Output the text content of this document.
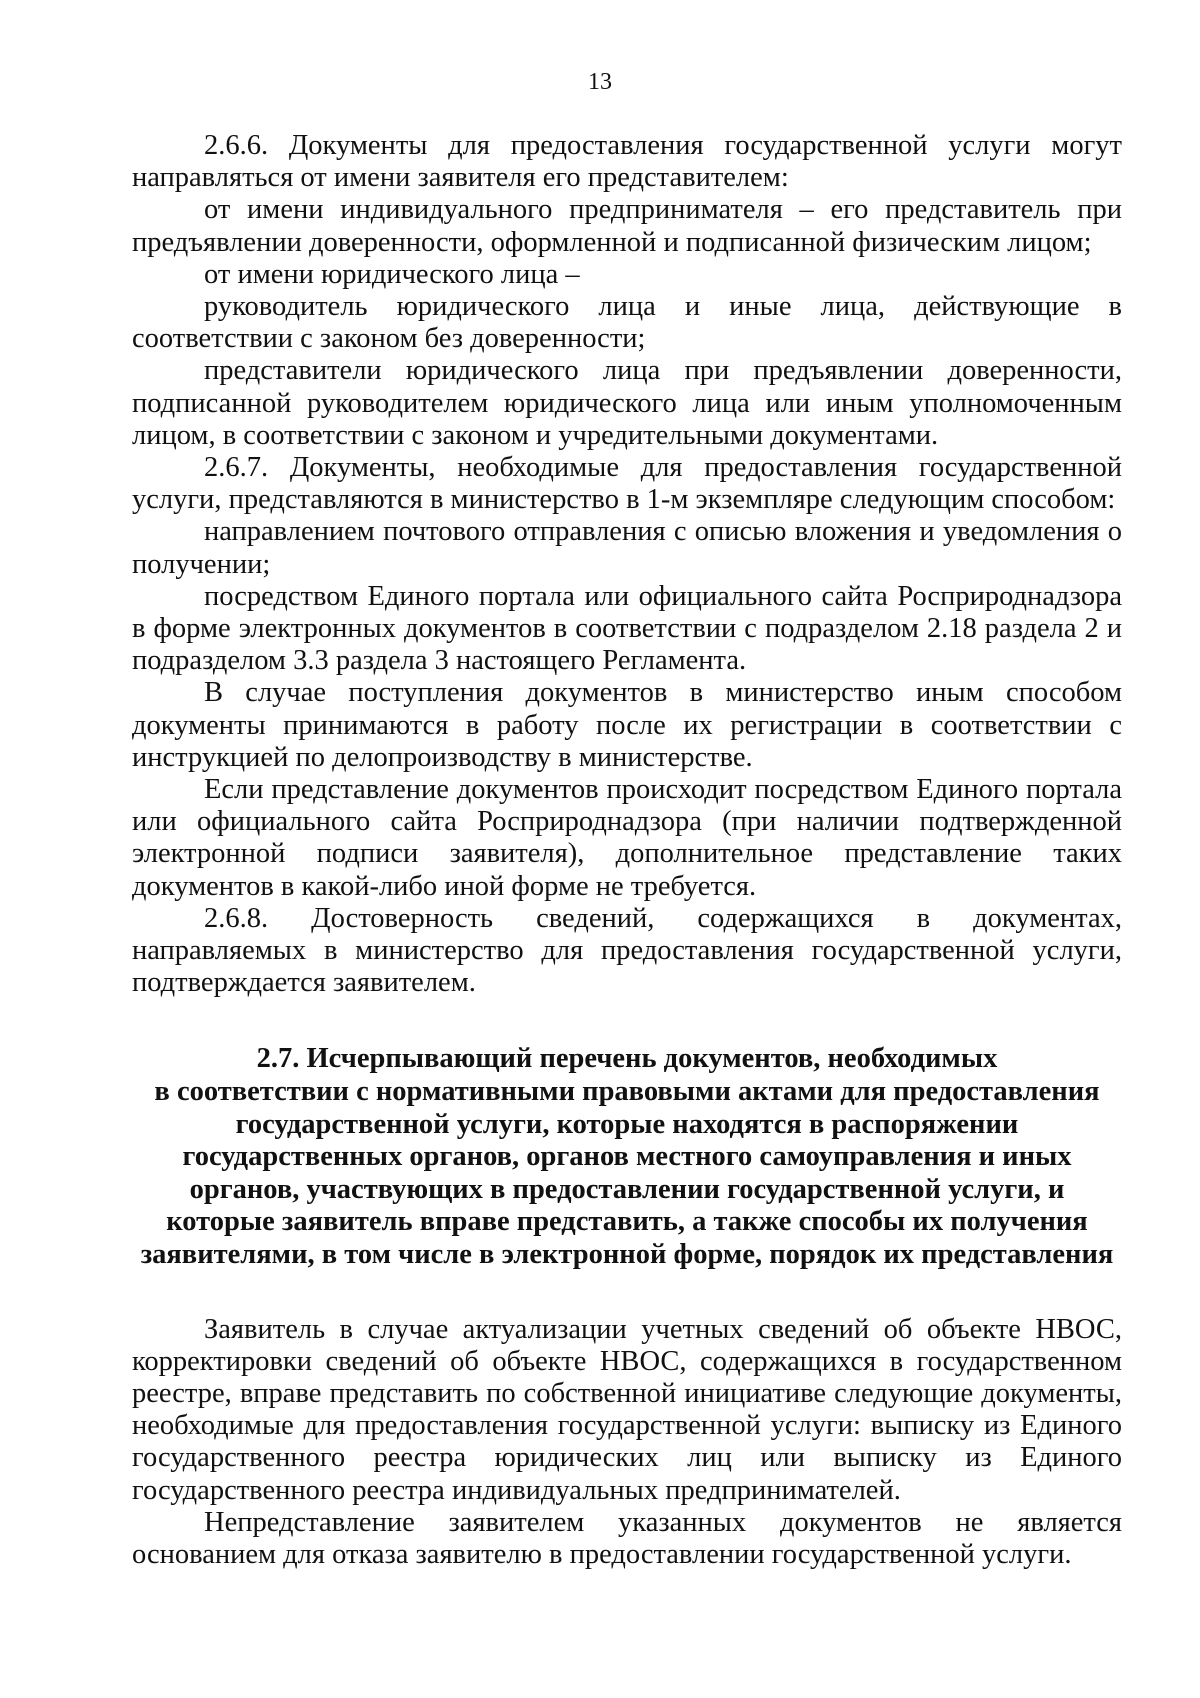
13

2.6.6. Документы для предоставления государственной услуги могут направляться от имени заявителя его представителем:

от имени индивидуального предпринимателя – его представитель при предъявлении доверенности, оформленной и подписанной физическим лицом;

от имени юридического лица –

руководитель юридического лица и иные лица, действующие в соответствии с законом без доверенности;

представители юридического лица при предъявлении доверенности, подписанной руководителем юридического лица или иным уполномоченным лицом, в соответствии с законом и учредительными документами.

2.6.7. Документы, необходимые для предоставления государственной услуги, представляются в министерство в 1-м экземпляре следующим способом:

направлением почтового отправления с описью вложения и уведомления о получении;

посредством Единого портала или официального сайта Росприроднадзора в форме электронных документов в соответствии с подразделом 2.18 раздела 2 и подразделом 3.3 раздела 3 настоящего Регламента.

В случае поступления документов в министерство иным способом документы принимаются в работу после их регистрации в соответствии с инструкцией по делопроизводству в министерстве.

Если представление документов происходит посредством Единого портала или официального сайта Росприроднадзора (при наличии подтвержденной электронной подписи заявителя), дополнительное представление таких документов в какой-либо иной форме не требуется.

2.6.8. Достоверность сведений, содержащихся в документах, направляемых в министерство для предоставления государственной услуги, подтверждается заявителем.

2.7. Исчерпывающий перечень документов, необходимых
в соответствии с нормативными правовыми актами для предоставления
государственной услуги, которые находятся в распоряжении
государственных органов, органов местного самоуправления и иных
органов, участвующих в предоставлении государственной услуги, и
которые заявитель вправе представить, а также способы их получения
заявителями, в том числе в электронной форме, порядок их представления

Заявитель в случае актуализации учетных сведений об объекте НВОС, корректировки сведений об объекте НВОС, содержащихся в государственном реестре, вправе представить по собственной инициативе следующие документы, необходимые для предоставления государственной услуги: выписку из Единого государственного реестра юридических лиц или выписку из Единого государственного реестра индивидуальных предпринимателей.

Непредставление заявителем указанных документов не является основанием для отказа заявителю в предоставлении государственной услуги.
